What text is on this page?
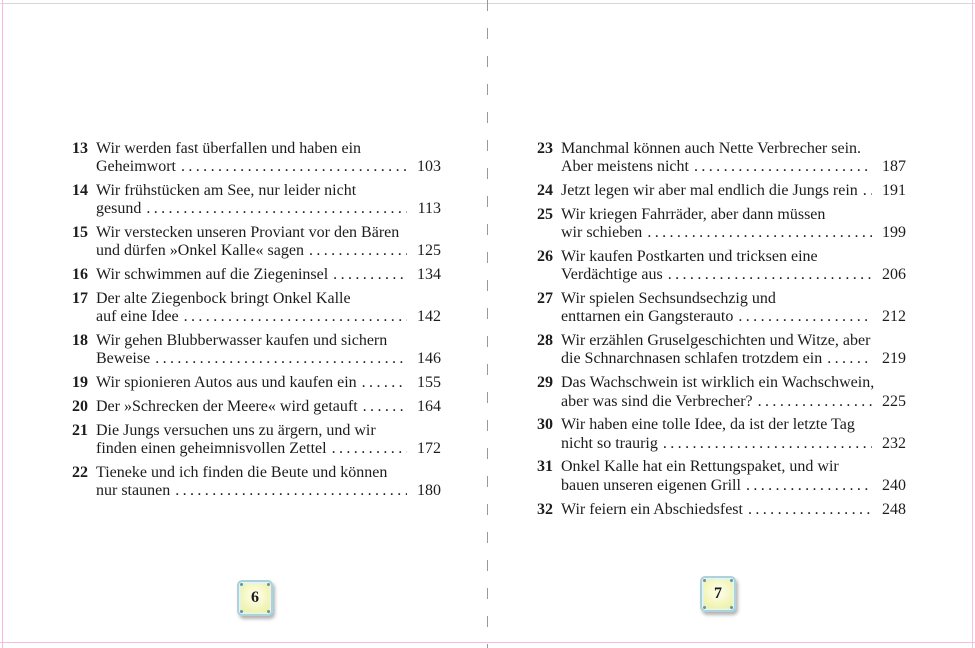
13 Wir werden fast überfallen und haben ein
Geheimwort .....	103
14 Wir frühstücken am See, nur leider nicht
gesund .....	113
15 Wir verstecken unseren Proviant vor den Bären
und dürfen »Onkel Kalle« sagen .....	125
16 Wir schwimmen auf die Ziegeninsel .....	134
17 Der alte Ziegenbock bringt Onkel Kalle
auf eine Idee .....	142
18 Wir gehen Blubberwasser kaufen und sichern
Beweise .....	146
19 Wir spionieren Autos aus und kaufen ein .....	155
20 Der »Schrecken der Meere« wird getauft .....	164
21 Die Jungs versuchen uns zu ärgern, und wir
finden einen geheimnisvollen Zettel .....	172
22 Tieneke und ich finden die Beute und können
nur staunen .....	180
23 Manchmal können auch Nette Verbrecher sein.
Aber meistens nicht .....	187
24 Jetzt legen wir aber mal endlich die Jungs rein ..... 191
25 Wir kriegen Fahrräder, aber dann müssen
wir schieben .....	199
26 Wir kaufen Postkarten und tricksen eine
Verdächtige aus .....	206
27 Wir spielen Sechsundsechzig und
enttarnen ein Gangsterauto .....	212
28 Wir erzählen Gruselgeschichten und Witze, aber
die Schnarchnasen schlafen trotzdem ein .....	219
29 Das Wachschwein ist wirklich ein Wachschwein,
aber was sind die Verbrecher? .....	225
30 Wir haben eine tolle Idee, da ist der letzte Tag
nicht so traurig .....	232
31 Onkel Kalle hat ein Rettungspaket, und wir
bauen unseren eigenen Grill .....	240
32 Wir feiern ein Abschiedsfest .....	248
6	7
